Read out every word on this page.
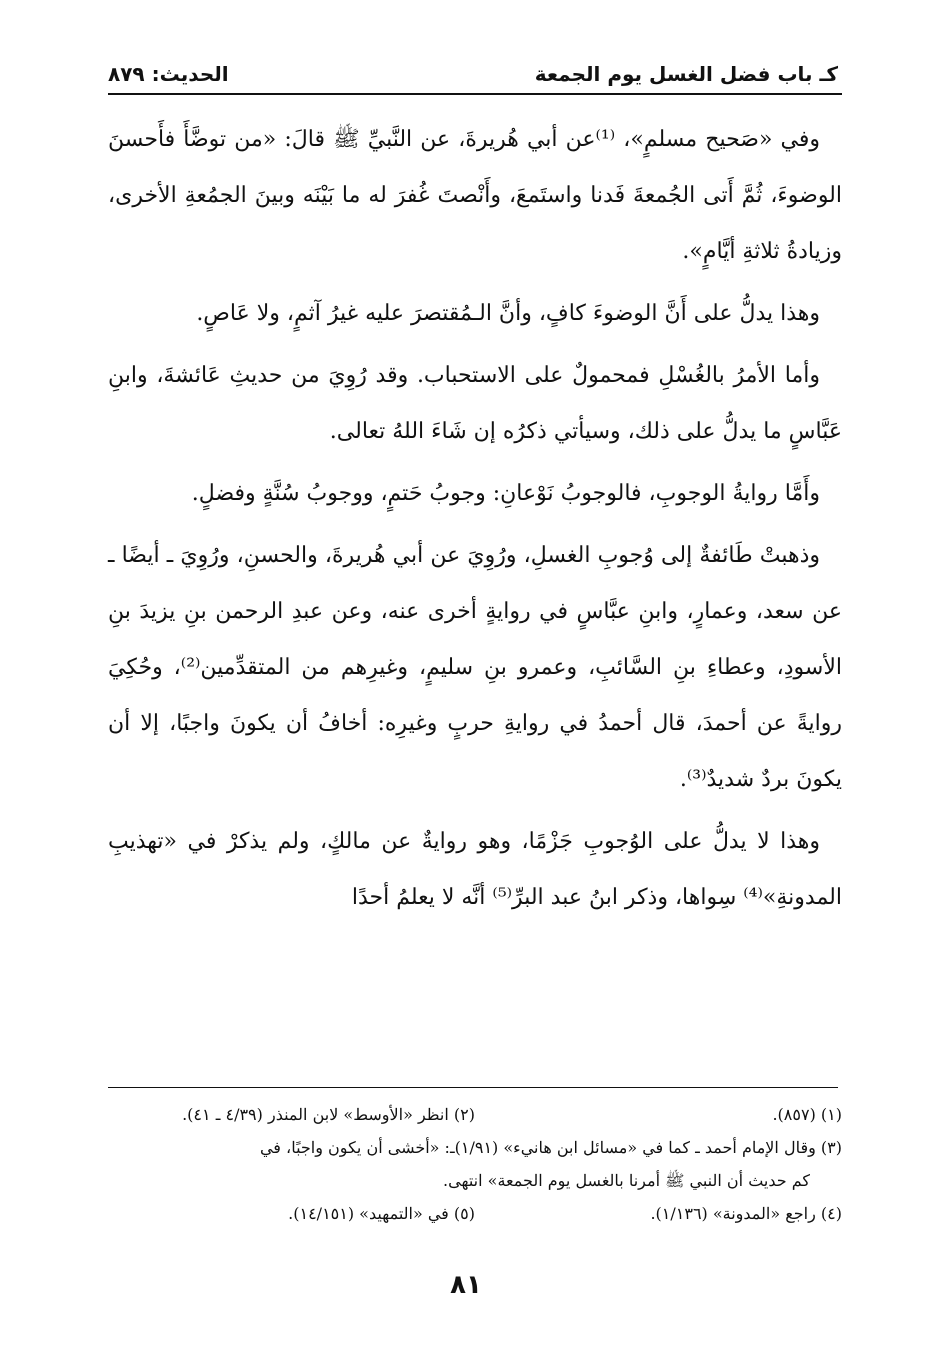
كـ باب فضل الغسل يوم الجمعة
الحديث: ٨٧٩

وفي «صَحيح مسلمٍ»، ⁽¹⁾عن أبي هُريرةَ، عن النَّبيِّ ﷺ قالَ: «من توضَّأَ فأَحسنَ الوضوءَ، ثُمَّ أَتى الجُمعةَ فَدنا واستَمعَ، وأَنْصتَ غُفرَ له ما بَيْنَه وبينَ الجمُعةِ الأخرى، وزيادةُ ثلاثةِ أيَّامٍ».

وهذا يدلُّ على أَنَّ الوضوءَ كافٍ، وأنَّ الـمُقتصرَ عليه غيرُ آثمٍ، ولا عَاصٍ.

وأما الأمرُ بالغُسْلِ فمحمولٌ على الاستحباب. وقد رُوِيَ من حديثِ عَائشةَ، وابنِ عَبَّاسٍ ما يدلُّ على ذلك، وسيأتي ذكرُه إن شَاءَ اللهُ تعالى.

وأَمَّا روايةُ الوجوبِ، فالوجوبُ نَوْعانِ: وجوبُ حَتمٍ، ووجوبُ سُنَّةٍ وفضلٍ.

وذهبتْ طَائفةٌ إلى وُجوبِ الغسلِ، ورُوِيَ عن أبي هُريرةَ، والحسنِ، ورُوِيَ ـ أيضًا ـ عن سعد، وعمارٍ، وابنِ عبَّاسٍ في روايةٍ أخرى عنه، وعن عبدِ الرحمن بنِ يزيدَ بنِ الأسودِ، وعطاءِ بنِ السَّائبِ، وعمرو بنِ سليمٍ، وغيرِهم من المتقدِّمين⁽²⁾، وحُكِيَ روايةً عن أحمدَ، قال أحمدُ في روايةِ حربٍ وغيرِه: أخافُ أن يكونَ واجبًا، إلا أن يكونَ بردٌ شديدٌ⁽³⁾.

وهذا لا يدلُّ على الوُجوبِ جَزْمًا، وهو روايةٌ عن مالكٍ، ولم يذكرْ في «تهذيبِ المدونةِ»⁽⁴⁾ سِواها، وذكر ابنُ عبد البرِّ⁽⁵⁾ أنَّه لا يعلمُ أحدًا

(١) (٨٥٧).
(٢) انظر «الأوسط» لابن المنذر (٤/٣٩ ـ ٤١).
(٣) وقال الإمام أحمد ـ كما في «مسائل ابن هانيء» (١/٩١)ـ: «أخشى أن يكون واجبًا، في
كم حديث أن النبي ﷺ أمرنا بالغسل يوم الجمعة» انتهى.
(٤) راجع «المدونة» (١/١٣٦).
(٥) في «التمهيد» (١٤/١٥١).
٨١
